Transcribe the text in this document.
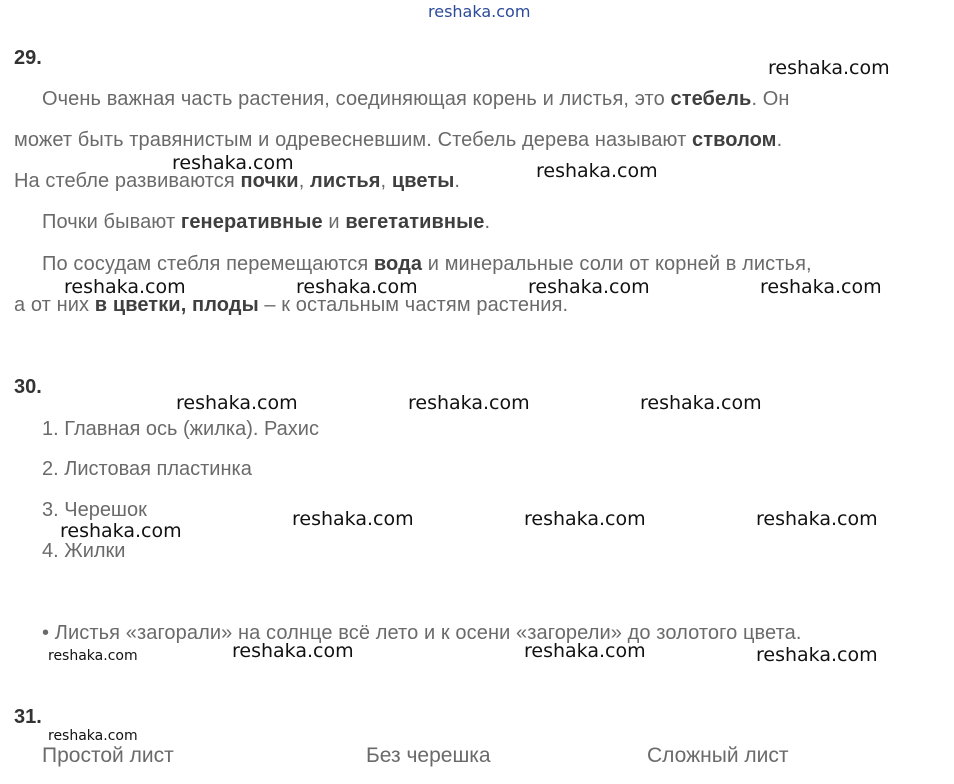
reshaka.com
29.
Очень важная часть растения, соединяющая корень и листья, это стебель. Он
может быть травянистым и одревесневшим. Стебель дерева называют стволом.
На стебле развиваются почки, листья, цветы.
Почки бывают генеративные и вегетативные.
По сосудам стебля перемещаются вода и минеральные соли от корней в листья,
а от них в цветки, плоды – к остальным частям растения.
30.
1. Главная ось (жилка). Рахис
2. Листовая пластинка
3. Черешок
4. Жилки
• Листья «загорали» на солнце всё лето и к осени «загорели» до золотого цвета.
31.
Простой лист	Без черешка	Сложный лист
reshaka.com
reshaka.com	reshaka.com
reshaka.com	reshaka.com	reshaka.com	reshaka.com
reshaka.com	reshaka.com	reshaka.com
reshaka.com	reshaka.com	reshaka.com
reshaka.com
reshaka.com	reshaka.com	reshaka.com
reshaka.com
reshaka.com
